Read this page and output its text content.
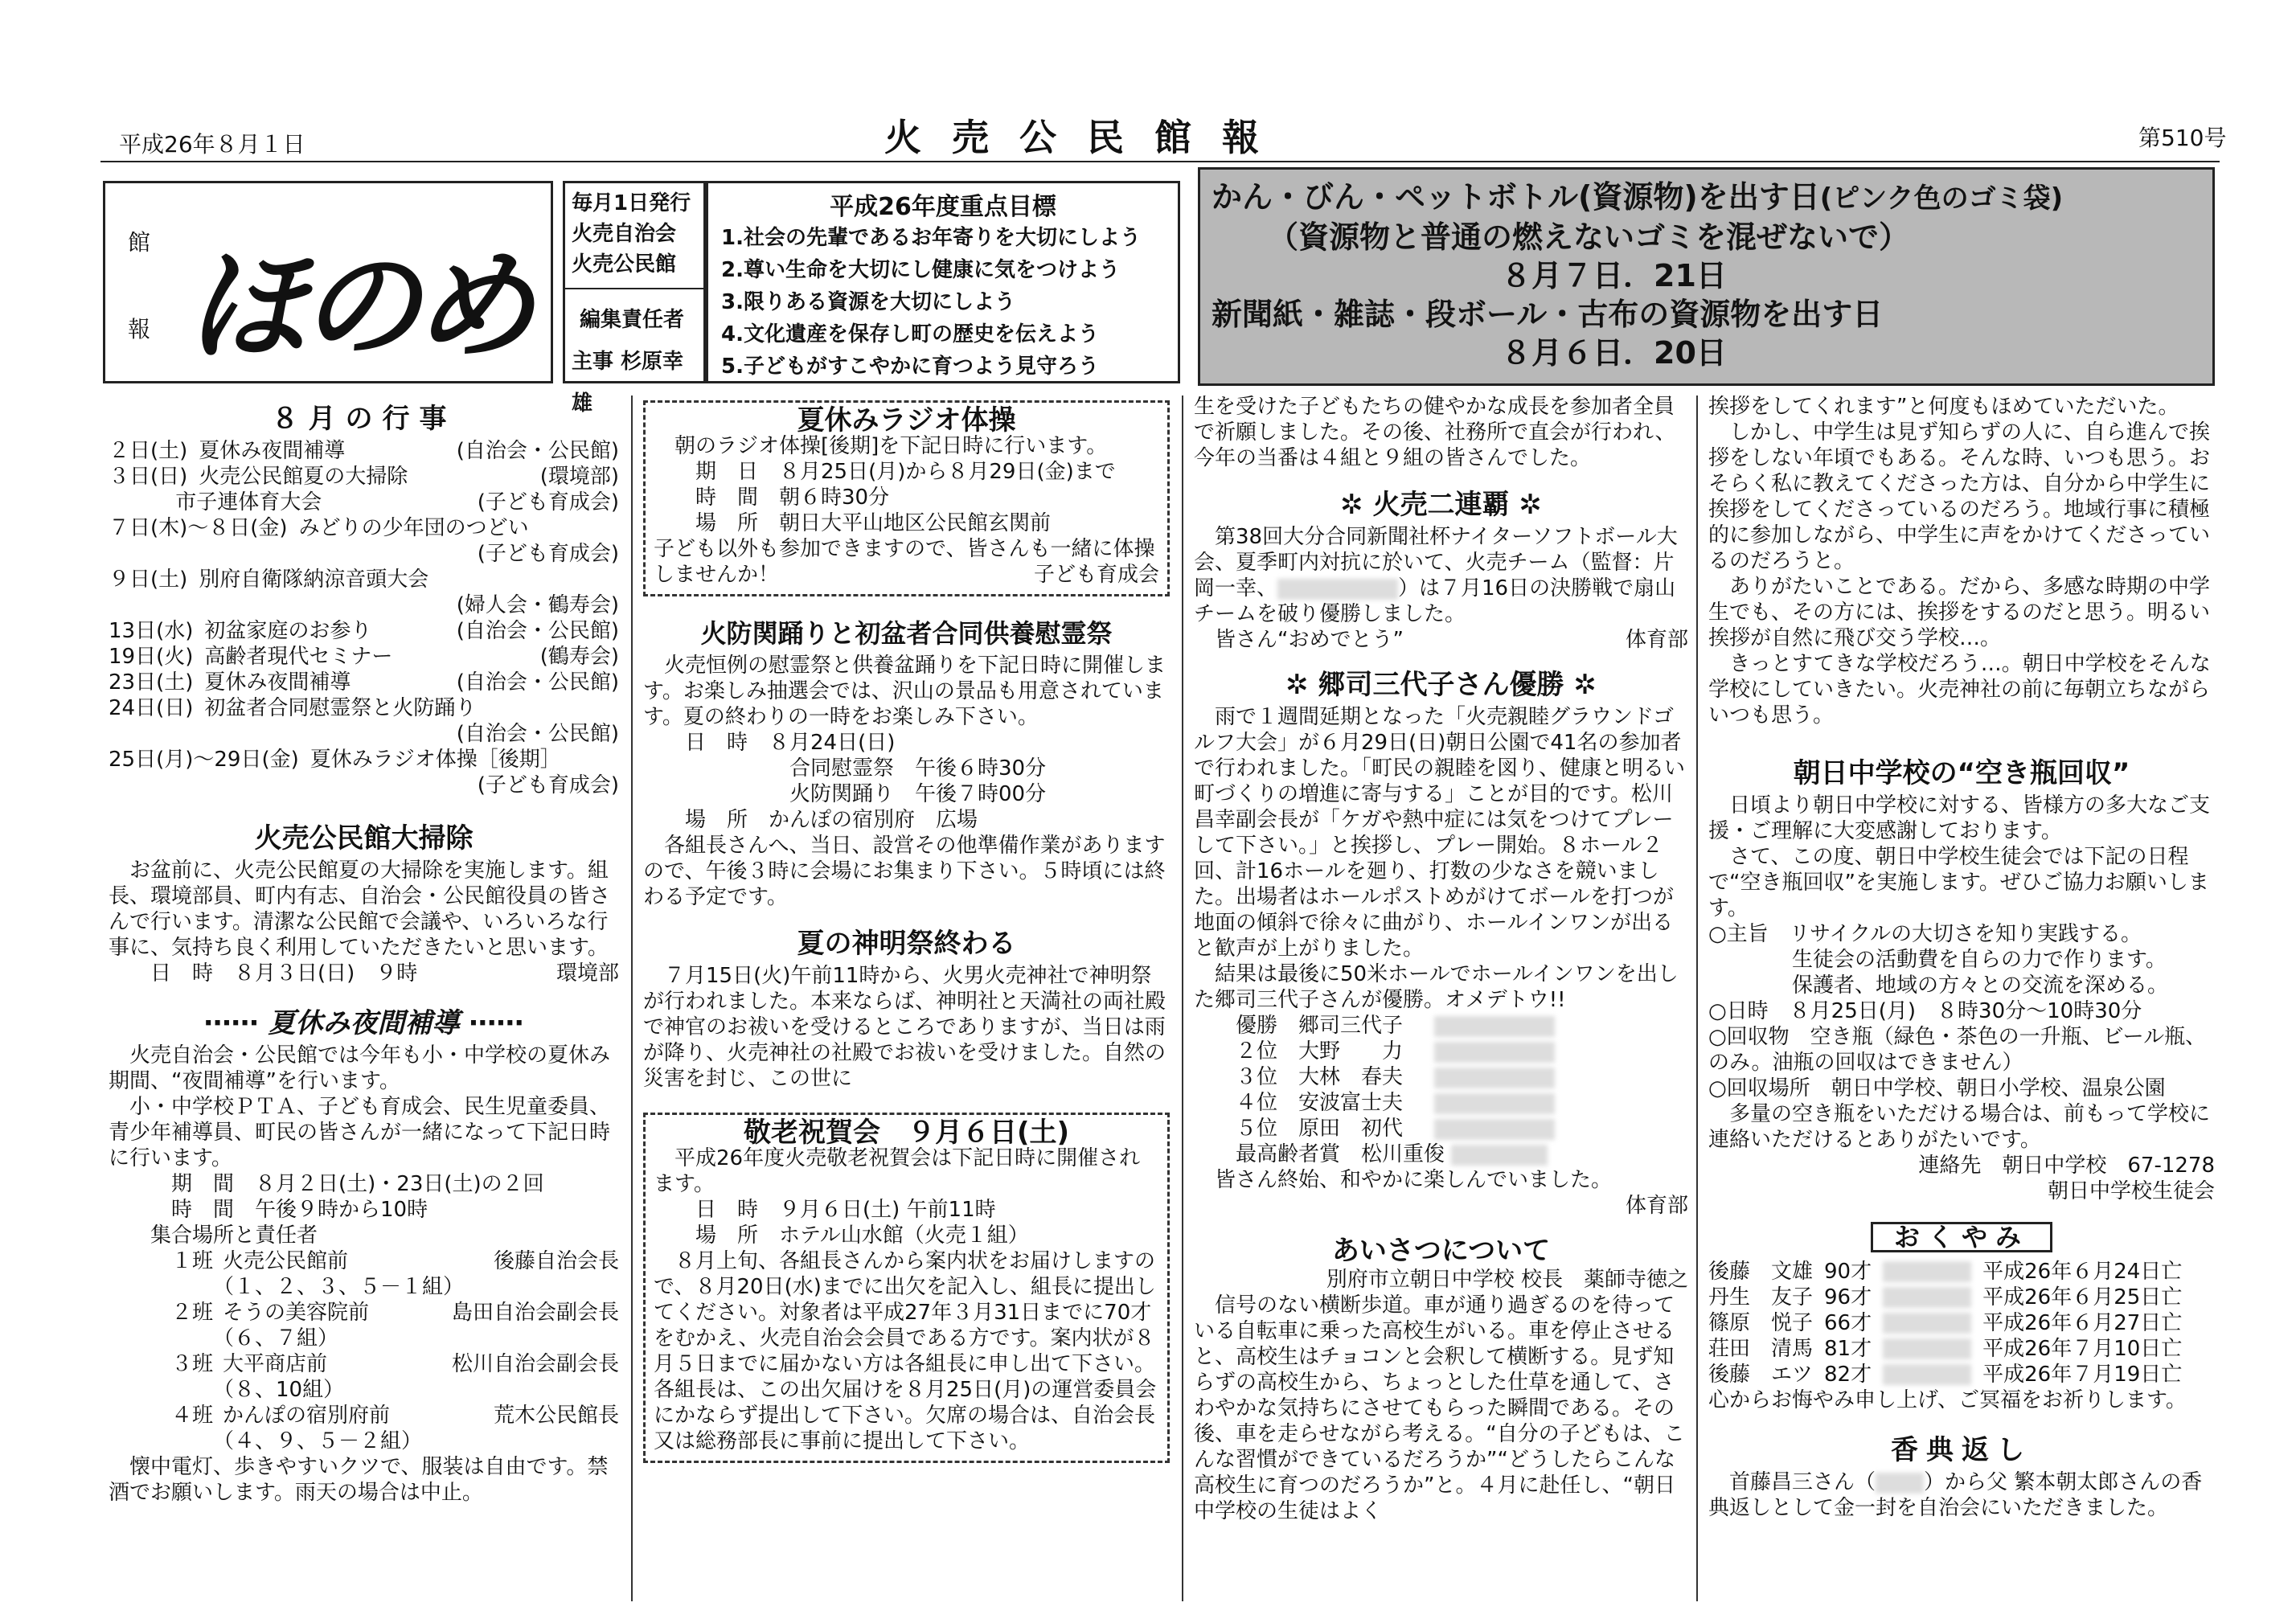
平成26年８月１日	火売公民館報	第510号
館
報 ほのめ
毎月1日発行
火売自治会
火売公民館
編集責任者
主事 杉原幸雄
平成26年度重点目標
1.社会の先輩であるお年寄りを大切にしよう
2.尊い生命を大切にし健康に気をつけよう
3.限りある資源を大切にしよう
4.文化遺産を保存し町の歴史を伝えよう
5.子どもがすこやかに育つよう見守ろう
かん・びん・ペットボトル(資源物)を出す日(ピンク色のゴミ袋)
（資源物と普通の燃えないゴミを混ぜないで）
８月７日．21日
新聞紙・雑誌・段ボール・古布の資源物を出す日
８月６日．20日

８月の行事

２日(土) 夏休み夜間補導	(自治会・公民館)
３日(日) 火売公民館夏の大掃除	(環境部)
市子連体育大会	(子ども育成会)
７日(木)～８日(金) みどりの少年団のつどい
(子ども育成会)
９日(土) 別府自衛隊納涼音頭大会
(婦人会・鶴寿会)
13日(水) 初盆家庭のお参り	(自治会・公民館)
19日(火) 高齢者現代セミナー	(鶴寿会)
23日(土) 夏休み夜間補導	(自治会・公民館)
24日(日) 初盆者合同慰霊祭と火防踊り
(自治会・公民館)
25日(月)～29日(金) 夏休みラジオ体操［後期］
(子ども育成会)

火売公民館大掃除

お盆前に、火売公民館夏の大掃除を実施します。組長、環境部員、町内有志、自治会・公民館役員の皆さんで行います。清潔な公民館で会議や、いろいろな行事に、気持ち良く利用していただきたいと思います。

日　時　８月３日(日)　９時	環境部

⋯⋯ 夏休み夜間補導 ⋯⋯

火売自治会・公民館では今年も小・中学校の夏休み期間、“夜間補導”を行います。

小・中学校ＰＴＡ、子ども育成会、民生児童委員、青少年補導員、町民の皆さんが一緒になって下記日時に行います。

期　間　８月２日(土)・23日(土)の２回
時　間　午後９時から10時
集合場所と責任者
１班 火売公民館前	後藤自治会長
（１、２、３、５－１組）
２班 そうの美容院前	島田自治会副会長
（６、７組）
３班 大平商店前	松川自治会副会長
（８、10組）
４班 かんぽの宿別府前	荒木公民館長
（４、９、５－２組）

懐中電灯、歩きやすいクツで、服装は自由です。禁酒でお願いします。雨天の場合は中止。

夏休みラジオ体操

朝のラジオ体操[後期]を下記日時に行います。
期　日　８月25日(月)から８月29日(金)まで
時　間　朝６時30分
場　所　朝日大平山地区公民館玄関前
子ども以外も参加できますので、皆さんも一緒に体操しませんか！	子ども育成会

火防関踊りと初盆者合同供養慰霊祭

火売恒例の慰霊祭と供養盆踊りを下記日時に開催します。お楽しみ抽選会では、沢山の景品も用意されています。夏の終わりの一時をお楽しみ下さい。

日　時　８月24日(日)
合同慰霊祭　午後６時30分
火防関踊り　午後７時00分
場　所　かんぽの宿別府　広場

各組長さんへ、当日、設営その他準備作業がありますので、午後３時に会場にお集まり下さい。５時頃には終わる予定です。

夏の神明祭終わる

７月15日(火)午前11時から、火男火売神社で神明祭が行われました。本来ならば、神明社と天満社の両社殿で神官のお祓いを受けるところでありますが、当日は雨が降り、火売神社の社殿でお祓いを受けました。自然の災害を封じ、この世に

敬老祝賀会　９月６日(土)

平成26年度火売敬老祝賀会は下記日時に開催されます。
日　時　９月６日(土) 午前11時
場　所　ホテル山水館（火売１組）
８月上旬、各組長さんから案内状をお届けしますので、８月20日(水)までに出欠を記入し、組長に提出してください。対象者は平成27年３月31日までに70才をむかえ、火売自治会会員である方です。案内状が８月５日までに届かない方は各組長に申し出て下さい。各組長は、この出欠届けを８月25日(月)の運営委員会にかならず提出して下さい。欠席の場合は、自治会長又は総務部長に事前に提出して下さい。

生を受けた子どもたちの健やかな成長を参加者全員で祈願しました。その後、社務所で直会が行われ、今年の当番は４組と９組の皆さんでした。

✲ 火売二連覇 ✲

第38回大分合同新聞社杯ナイターソフトボール大会、夏季町内対抗に於いて、火売チーム（監督：片岡一幸、	）は７月16日の決勝戦で扇山チームを破り優勝しました。

皆さん“おめでとう”	体育部

✲ 郷司三代子さん優勝 ✲

雨で１週間延期となった「火売親睦グラウンドゴルフ大会」が６月29日(日)朝日公園で41名の参加者で行われました。「町民の親睦を図り、健康と明るい町づくりの増進に寄与する」ことが目的です。松川昌幸副会長が「ケガや熱中症には気をつけてプレーして下さい。」と挨拶し、プレー開始。８ホール２回、計16ホールを廻り、打数の少なさを競いました。出場者はホールポストめがけてボールを打つが地面の傾斜で徐々に曲がり、ホールインワンが出ると歓声が上がりました。

結果は最後に50米ホールでホールインワンを出した郷司三代子さんが優勝。オメデトウ!!

優勝 郷司三代子
２位 大野　　力
３位 大林　春夫
４位 安波富士夫
５位 原田　初代
最高齢者賞　松川重俊
皆さん終始、和やかに楽しんでいました。
体育部

あいさつについて

別府市立朝日中学校 校長　薬師寺徳之

信号のない横断歩道。車が通り過ぎるのを待っている自転車に乗った高校生がいる。車を停止させると、高校生はチョコンと会釈して横断する。見ず知らずの高校生から、ちょっとした仕草を通して、さわやかな気持ちにさせてもらった瞬間である。その後、車を走らせながら考える。“自分の子どもは、こんな習慣ができているだろうか”“どうしたらこんな高校生に育つのだろうか”と。４月に赴任し、“朝日中学校の生徒はよく

挨拶をしてくれます”と何度もほめていただいた。

しかし、中学生は見ず知らずの人に、自ら進んで挨拶をしない年頃でもある。そんな時、いつも思う。おそらく私に教えてくださった方は、自分から中学生に挨拶をしてくださっているのだろう。地域行事に積極的に参加しながら、中学生に声をかけてくださっているのだろうと。

ありがたいことである。だから、多感な時期の中学生でも、その方には、挨拶をするのだと思う。明るい挨拶が自然に飛び交う学校…。

きっとすてきな学校だろう…。朝日中学校をそんな学校にしていきたい。火売神社の前に毎朝立ちながらいつも思う。

朝日中学校の“空き瓶回収”

日頃より朝日中学校に対する、皆様方の多大なご支援・ご理解に大変感謝しております。

さて、この度、朝日中学校生徒会では下記の日程で“空き瓶回収”を実施します。ぜひご協力お願いします。

○主旨　リサイクルの大切さを知り実践する。
生徒会の活動費を自らの力で作ります。
保護者、地域の方々との交流を深める。
○日時　８月25日(月)　８時30分～10時30分
○回収物　空き瓶（緑色・茶色の一升瓶、ビール瓶、のみ。油瓶の回収はできません）
○回収場所　朝日中学校、朝日小学校、温泉公園
多量の空き瓶をいただける場合は、前もって学校に連絡いただけるとありがたいです。
連絡先　朝日中学校　67-1278
朝日中学校生徒会
おくやみ
後藤　文雄 90才	平成26年６月24日亡
丹生　友子 96才	平成26年６月25日亡
篠原　悦子 66才	平成26年６月27日亡
荘田　清馬 81才	平成26年７月10日亡
後藤　エツ 82才	平成26年７月19日亡
心からお悔やみ申し上げ、ご冥福をお祈りします。

香典返し

首藤昌三さん（ ）から父 繁本朝太郎さんの香典返しとして金一封を自治会にいただきました。
